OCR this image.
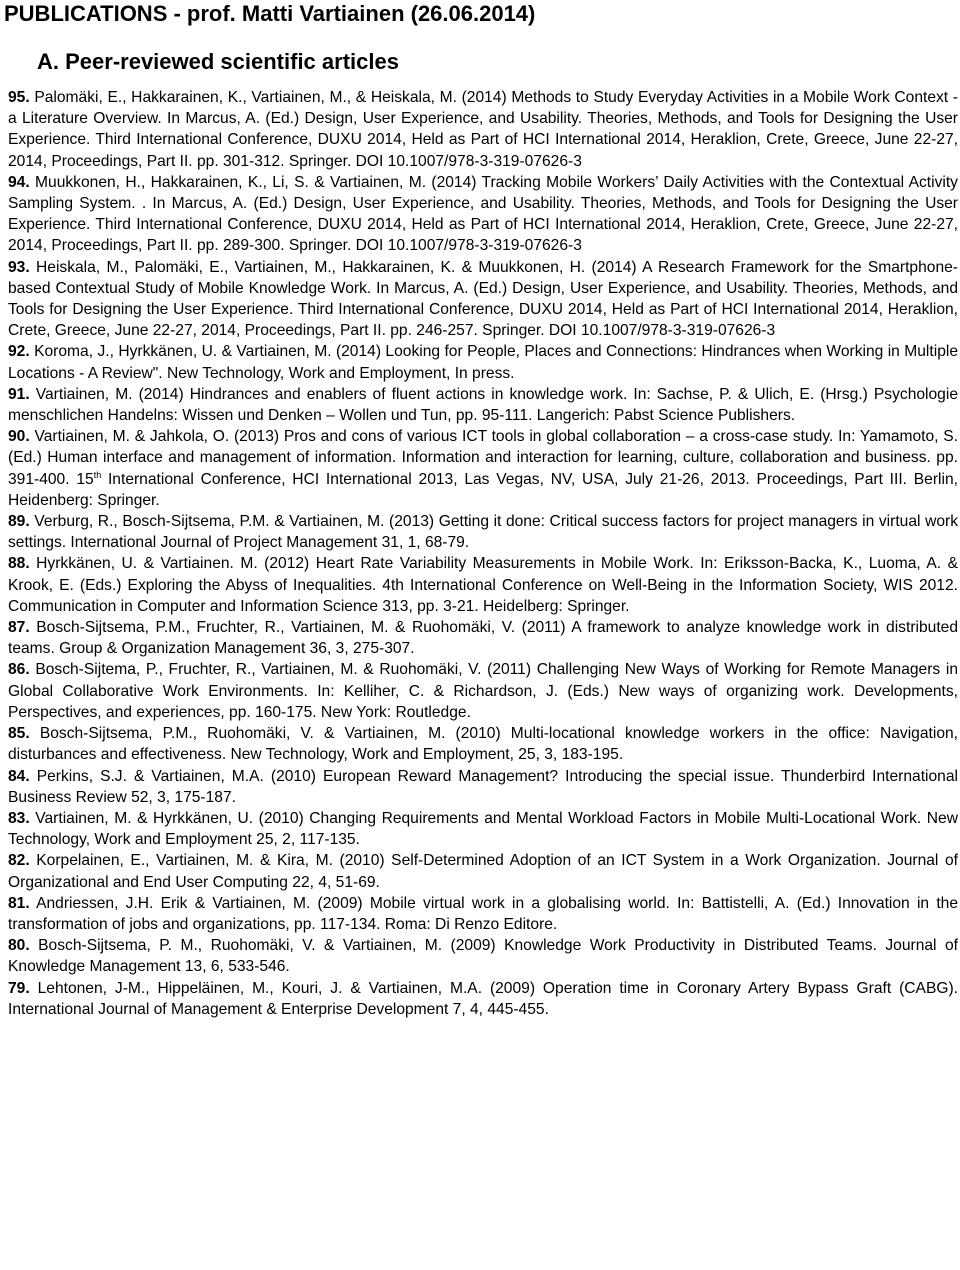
PUBLICATIONS - prof. Matti Vartiainen (26.06.2014)
A. Peer-reviewed scientific articles
95. Palomäki, E., Hakkarainen, K., Vartiainen, M., & Heiskala, M. (2014) Methods to Study Everyday Activities in a Mobile Work Context - a Literature Overview. In Marcus, A. (Ed.) Design, User Experience, and Usability. Theories, Methods, and Tools for Designing the User Experience. Third International Conference, DUXU 2014, Held as Part of HCI International 2014, Heraklion, Crete, Greece, June 22-27, 2014, Proceedings, Part II. pp. 301-312. Springer. DOI 10.1007/978-3-319-07626-3
94. Muukkonen, H., Hakkarainen, K., Li, S. & Vartiainen, M. (2014) Tracking Mobile Workers’ Daily Activities with the Contextual Activity Sampling System. . In Marcus, A. (Ed.) Design, User Experience, and Usability. Theories, Methods, and Tools for Designing the User Experience. Third International Conference, DUXU 2014, Held as Part of HCI International 2014, Heraklion, Crete, Greece, June 22-27, 2014, Proceedings, Part II. pp. 289-300. Springer. DOI 10.1007/978-3-319-07626-3
93. Heiskala, M., Palomäki, E., Vartiainen, M., Hakkarainen, K. & Muukkonen, H. (2014) A Research Framework for the Smartphone-based Contextual Study of Mobile Knowledge Work. In Marcus, A. (Ed.) Design, User Experience, and Usability. Theories, Methods, and Tools for Designing the User Experience. Third International Conference, DUXU 2014, Held as Part of HCI International 2014, Heraklion, Crete, Greece, June 22-27, 2014, Proceedings, Part II. pp. 246-257. Springer. DOI 10.1007/978-3-319-07626-3
92. Koroma, J., Hyrkkänen, U. & Vartiainen, M. (2014) Looking for People, Places and Connections: Hindrances when Working in Multiple Locations - A Review". New Technology, Work and Employment, In press.
91. Vartiainen, M. (2014) Hindrances and enablers of fluent actions in knowledge work. In: Sachse, P. & Ulich, E. (Hrsg.) Psychologie menschlichen Handelns: Wissen und Denken – Wollen und Tun, pp. 95-111. Langerich: Pabst Science Publishers.
90. Vartiainen, M. & Jahkola, O. (2013) Pros and cons of various ICT tools in global collaboration – a cross-case study. In: Yamamoto, S. (Ed.) Human interface and management of information. Information and interaction for learning, culture, collaboration and business. pp. 391-400. 15th International Conference, HCI International 2013, Las Vegas, NV, USA, July 21-26, 2013. Proceedings, Part III. Berlin, Heidenberg: Springer.
89. Verburg, R., Bosch-Sijtsema, P.M. & Vartiainen, M. (2013) Getting it done: Critical success factors for project managers in virtual work settings. International Journal of Project Management 31, 1, 68-79.
88. Hyrkkänen, U. & Vartiainen. M. (2012) Heart Rate Variability Measurements in Mobile Work. In: Eriksson-Backa, K., Luoma, A. & Krook, E. (Eds.) Exploring the Abyss of Inequalities. 4th International Conference on Well-Being in the Information Society, WIS 2012. Communication in Computer and Information Science 313, pp. 3-21. Heidelberg: Springer.
87. Bosch-Sijtsema, P.M., Fruchter, R., Vartiainen, M. & Ruohomäki, V. (2011) A framework to analyze knowledge work in distributed teams. Group & Organization Management 36, 3, 275-307.
86. Bosch-Sijtema, P., Fruchter, R., Vartiainen, M. & Ruohomäki, V. (2011) Challenging New Ways of Working for Remote Managers in Global Collaborative Work Environments. In: Kelliher, C. & Richardson, J. (Eds.) New ways of organizing work. Developments, Perspectives, and experiences, pp. 160-175. New York: Routledge.
85. Bosch-Sijtsema, P.M., Ruohomäki, V. & Vartiainen, M. (2010) Multi-locational knowledge workers in the office: Navigation, disturbances and effectiveness. New Technology, Work and Employment, 25, 3, 183-195.
84. Perkins, S.J. & Vartiainen, M.A. (2010) European Reward Management? Introducing the special issue. Thunderbird International Business Review 52, 3, 175-187.
83. Vartiainen, M. & Hyrkkänen, U. (2010) Changing Requirements and Mental Workload Factors in Mobile Multi-Locational Work. New Technology, Work and Employment 25, 2, 117-135.
82. Korpelainen, E., Vartiainen, M. & Kira, M. (2010) Self-Determined Adoption of an ICT System in a Work Organization. Journal of Organizational and End User Computing 22, 4, 51-69.
81. Andriessen, J.H. Erik & Vartiainen, M. (2009) Mobile virtual work in a globalising world. In: Battistelli, A. (Ed.) Innovation in the transformation of jobs and organizations, pp. 117-134. Roma: Di Renzo Editore.
80. Bosch-Sijtsema, P. M., Ruohomäki, V. & Vartiainen, M. (2009) Knowledge Work Productivity in Distributed Teams. Journal of Knowledge Management 13, 6, 533-546.
79. Lehtonen, J-M., Hippeläinen, M., Kouri, J. & Vartiainen, M.A. (2009) Operation time in Coronary Artery Bypass Graft (CABG). International Journal of Management & Enterprise Development 7, 4, 445-455.
